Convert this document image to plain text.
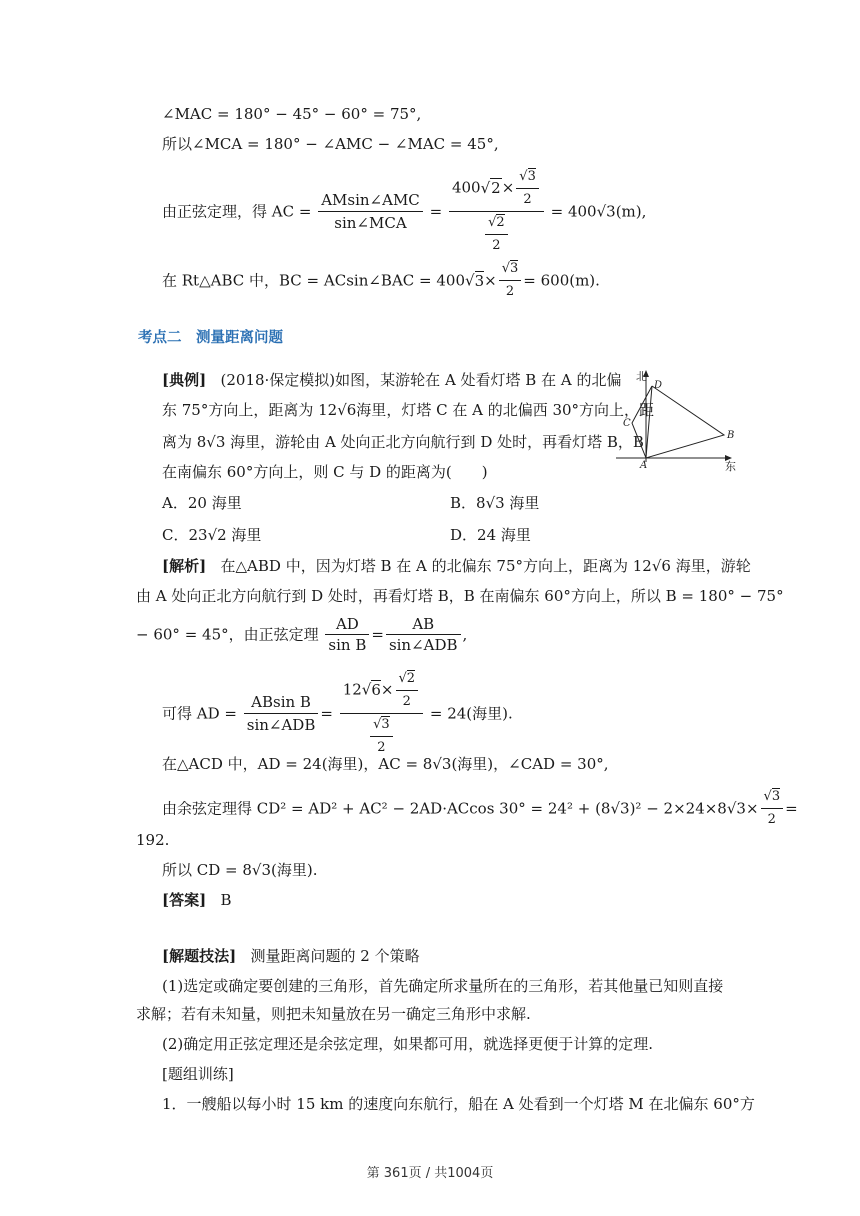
∠MAC = 180° − 45° − 60° = 75°,
所以∠MCA = 180° − ∠AMC − ∠MAC = 45°,
由正弦定理，得 AC = $\frac{\text{AMsin∠AMC}}{\text{sin∠MCA}} = \frac{400√2\times \frac{√3}{2}}{\frac{√2}{2}} = 400√3(m)$,
在 Rt△ABC 中，BC = ACsin∠BAC = $400√3\times \frac{√3}{2} = 600(m)$.
考点二　测量距离问题
[典例] (2018·保定模拟)如图，某游轮在 A 处看灯塔 B 在 A 的北偏
东 75°方向上，距离为 12√6海里，灯塔 C 在 A 的北偏西 30°方向上，距
离为 8√3 海里，游轮由 A 处向正北方向航行到 D 处时，再看灯塔 B，B
在南偏东 60°方向上，则 C 与 D 的距离为(　　)
北
东
D
C
B
A
A．20 海里	B．8√3 海里
C．23√2 海里	D．24 海里
[解析] 在△ABD 中，因为灯塔 B 在 A 的北偏东 75°方向上，距离为 12√6 海里，游轮
由 A 处向正北方向航行到 D 处时，再看灯塔 B，B 在南偏东 60°方向上，所以 B = 180° − 75°
− 60° = 45°，由正弦定理 $\frac{AD}{\text{sin B}} = \frac{AB}{\text{sin∠ADB}}$ ,
可得 AD = $\frac{\text{ABsin B}}{\text{sin∠ADB}} = \frac{12√6\times \frac{√2}{2}}{\frac{√3}{2}} = 24$(海里).
在△ACD 中，AD = 24(海里)，AC = 8√3(海里)，∠CAD = 30°,
由余弦定理得 CD² = AD² + AC² − 2AD·ACcos $30^\circ = 24^2 + (8√3)^2 - 2\times 24\times 8√3\times \frac{√3}{2}$ =
192.
所以 CD = 8√3(海里).
[答案] B
[解题技法] 测量距离问题的 2 个策略
(1)选定或确定要创建的三角形，首先确定所求量所在的三角形，若其他量已知则直接
求解；若有未知量，则把未知量放在另一确定三角形中求解.
(2)确定用正弦定理还是余弦定理，如果都可用，就选择更便于计算的定理.
[题组训练]
1．一艘船以每小时 15 km 的速度向东航行，船在 A 处看到一个灯塔 M 在北偏东 60°方
第 361页 / 共1004页
